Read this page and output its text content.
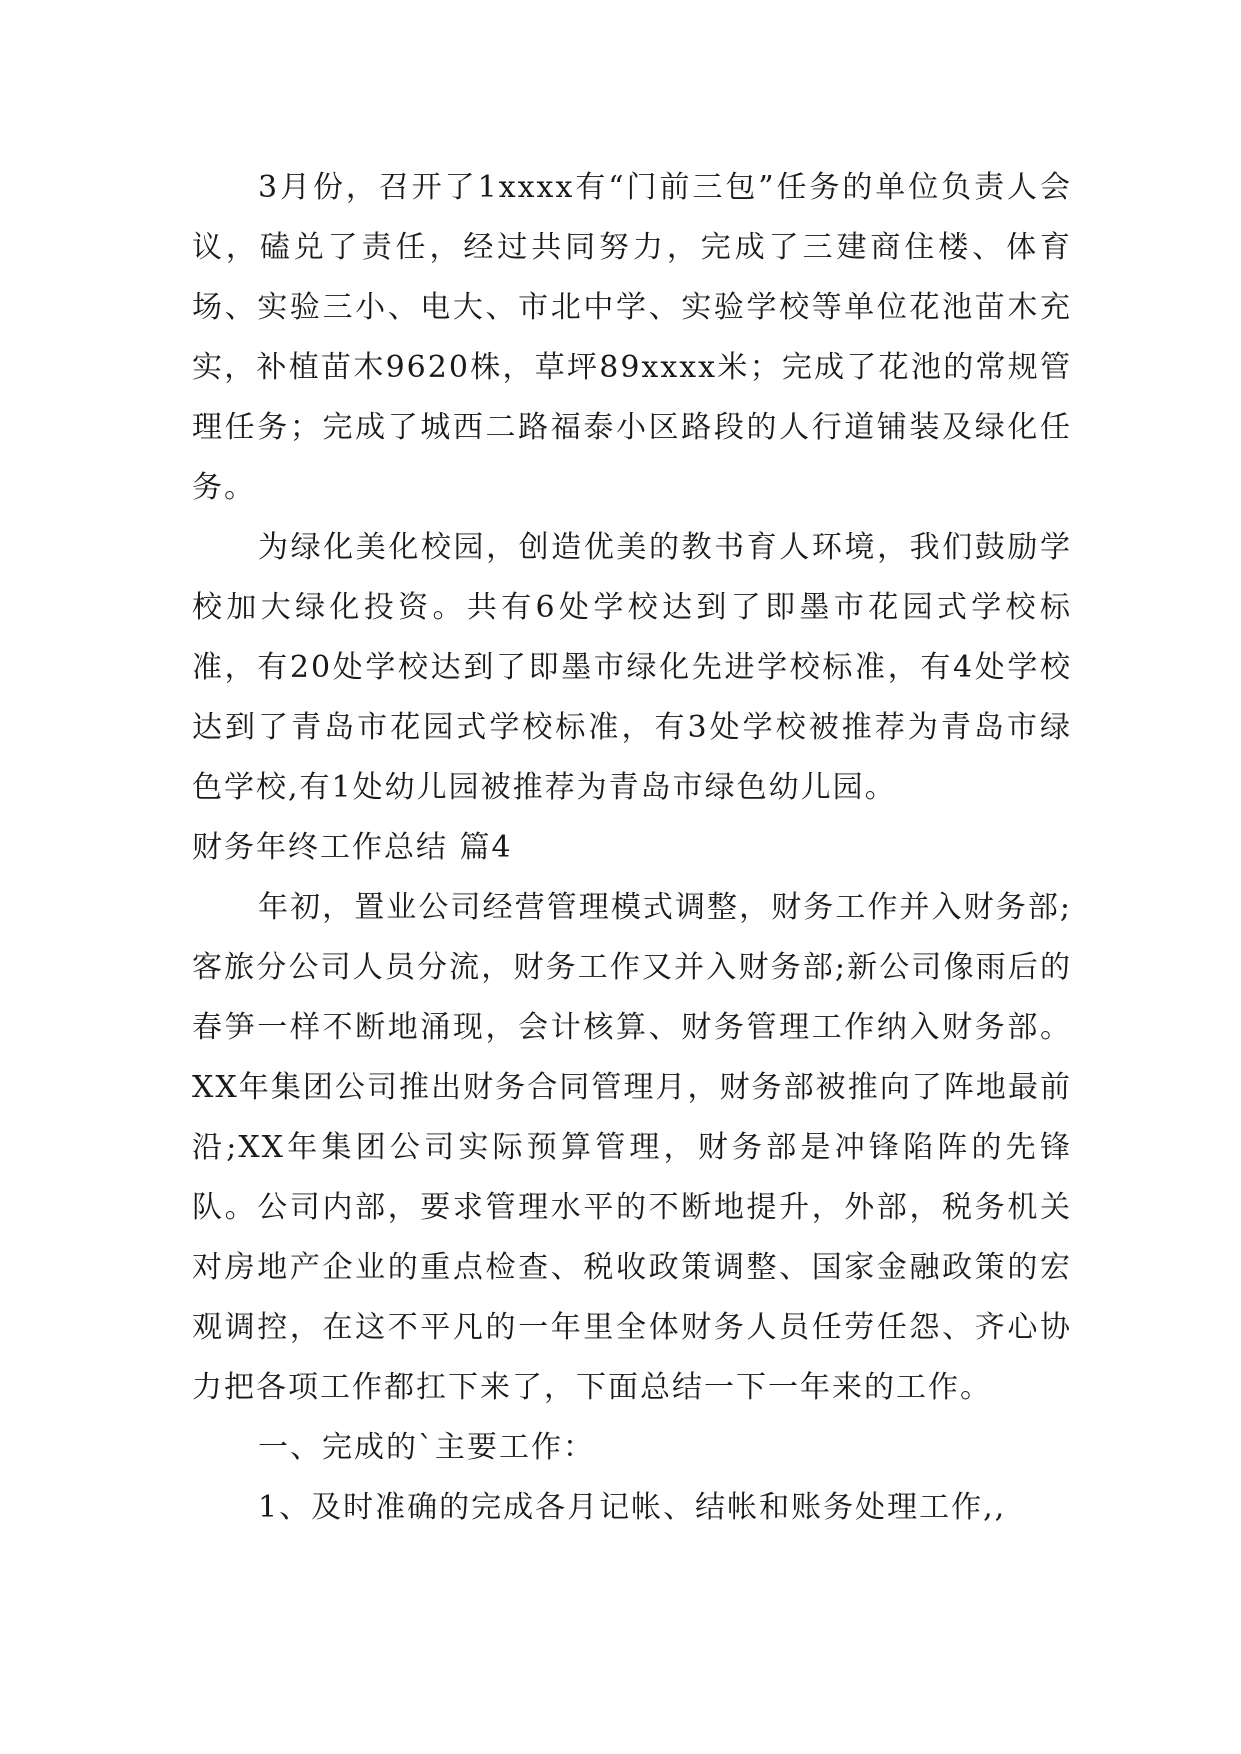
3月份，召开了1xxxx有“门前三包”任务的单位负责人会议，磕兑了责任，经过共同努力，完成了三建商住楼、体育场、实验三小、电大、市北中学、实验学校等单位花池苗木充实，补植苗木9620株，草坪89xxxx米；完成了花池的常规管理任务；完成了城西二路福泰小区路段的人行道铺装及绿化任务。

为绿化美化校园，创造优美的教书育人环境，我们鼓励学校加大绿化投资。共有6处学校达到了即墨市花园式学校标准，有20处学校达到了即墨市绿化先进学校标准，有4处学校达到了青岛市花园式学校标准，有3处学校被推荐为青岛市绿色学校,有1处幼儿园被推荐为青岛市绿色幼儿园。

财务年终工作总结 篇4

年初，置业公司经营管理模式调整，财务工作并入财务部;客旅分公司人员分流，财务工作又并入财务部;新公司像雨后的春笋一样不断地涌现，会计核算、财务管理工作纳入财务部。XX年集团公司推出财务合同管理月，财务部被推向了阵地最前沿;XX年集团公司实际预算管理，财务部是冲锋陷阵的先锋队。公司内部，要求管理水平的不断地提升，外部，税务机关对房地产企业的重点检查、税收政策调整、国家金融政策的宏观调控，在这不平凡的一年里全体财务人员任劳任怨、齐心协力把各项工作都扛下来了，下面总结一下一年来的工作。

一、完成的`主要工作：

1、及时准确的完成各月记帐、结帐和账务处理工作,,
